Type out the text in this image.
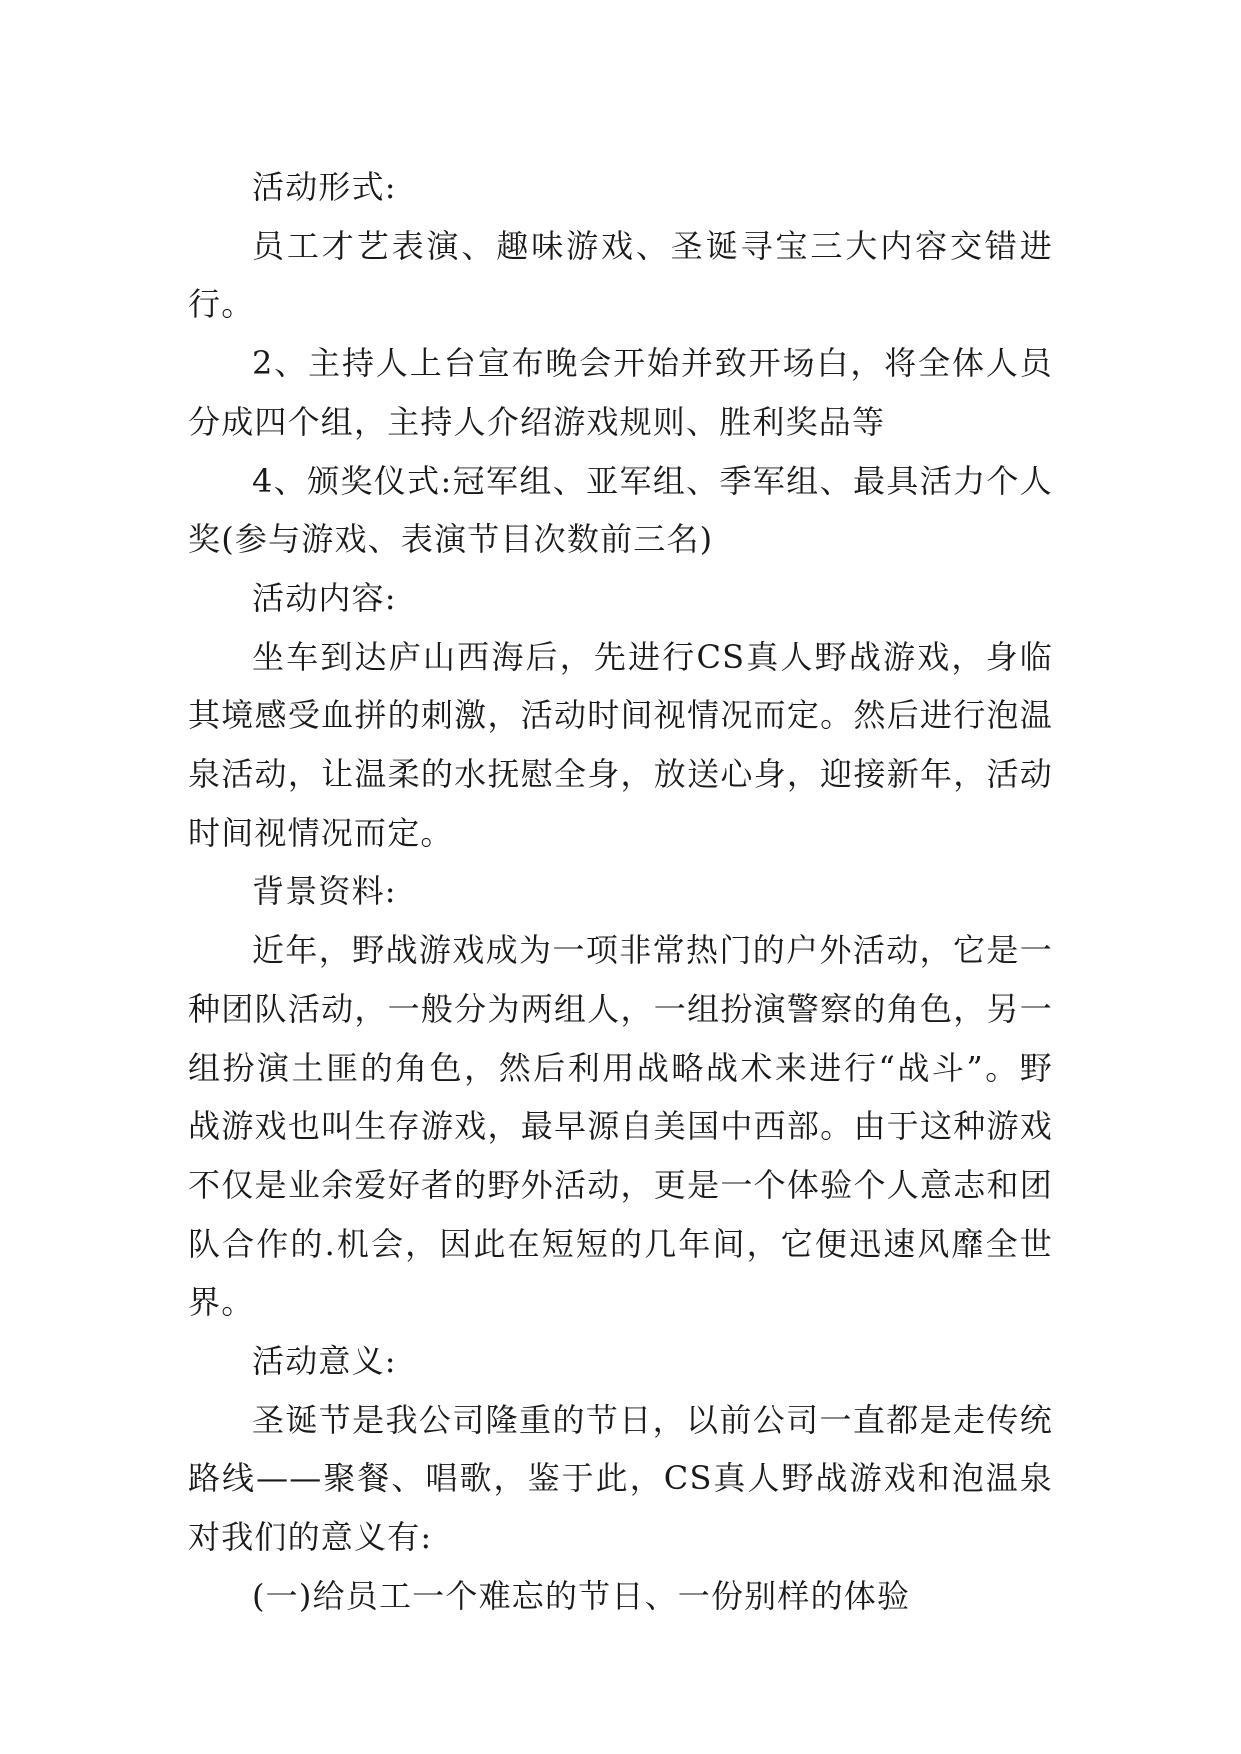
活动形式:

员工才艺表演、趣味游戏、圣诞寻宝三大内容交错进行。

2、主持人上台宣布晚会开始并致开场白，将全体人员分成四个组，主持人介绍游戏规则、胜利奖品等

4、颁奖仪式:冠军组、亚军组、季军组、最具活力个人奖(参与游戏、表演节目次数前三名)

活动内容:

坐车到达庐山西海后，先进行CS真人野战游戏，身临其境感受血拼的刺激，活动时间视情况而定。然后进行泡温泉活动，让温柔的水抚慰全身，放送心身，迎接新年，活动时间视情况而定。

背景资料:

近年，野战游戏成为一项非常热门的户外活动，它是一种团队活动，一般分为两组人，一组扮演警察的角色，另一组扮演土匪的角色，然后利用战略战术来进行“战斗”。野战游戏也叫生存游戏，最早源自美国中西部。由于这种游戏不仅是业余爱好者的野外活动，更是一个体验个人意志和团队合作的.机会，因此在短短的几年间，它便迅速风靡全世界。

活动意义:

圣诞节是我公司隆重的节日，以前公司一直都是走传统路线——聚餐、唱歌，鉴于此，CS真人野战游戏和泡温泉对我们的意义有:

(一)给员工一个难忘的节日、一份别样的体验
